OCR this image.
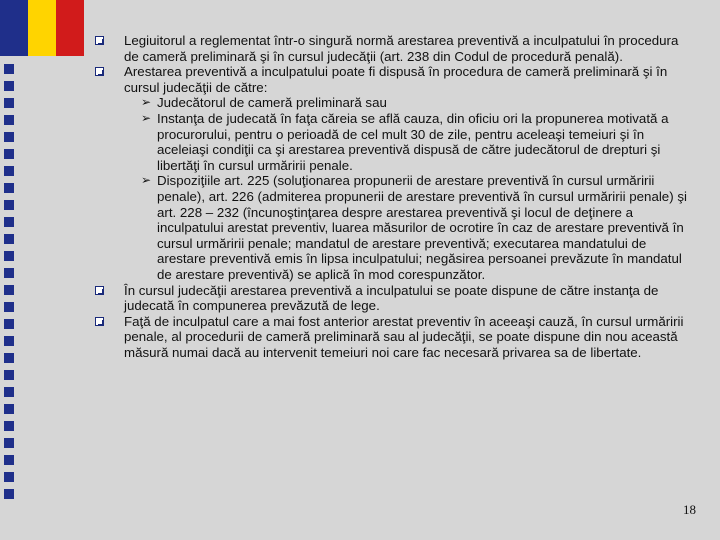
Legiuitorul a reglementat într-o singură normă arestarea preventivă a inculpatului în procedura de cameră preliminară şi în cursul judecăţii (art. 238 din Codul de procedură penală).
Arestarea preventivă a inculpatului poate fi dispusă în procedura de cameră preliminară şi în cursul judecăţii de către:
➢ Judecătorul de cameră preliminară sau
➢ Instanţa de judecată în faţa căreia se află cauza, din oficiu ori la propunerea motivată a procurorului, pentru o perioadă de cel mult 30 de zile, pentru aceleaşi temeiuri şi în aceleiaşi condiţii ca şi arestarea preventivă dispusă de către judecătorul de drepturi şi libertăţi în cursul urmăririi penale.
➢ Dispoziţiile art. 225 (soluţionarea propunerii de arestare preventivă în cursul urmăririi penale), art. 226 (admiterea propunerii de arestare preventivă în cursul urmăririi penale) şi art. 228 – 232 (încunoştinţarea despre arestarea preventivă şi locul de deţinere a inculpatului arestat preventiv, luarea măsurilor de ocrotire în caz de arestare preventivă în cursul urmăririi penale; mandatul de arestare preventivă; executarea mandatului de arestare preventivă emis în lipsa inculpatului; negăsirea persoanei prevăzute în mandatul de arestare preventivă) se aplică în mod corespunzător.
În cursul judecăţii arestarea preventivă a inculpatului se poate dispune de către instanţa de judecată în compunerea prevăzută de lege.
Faţă de inculpatul care a mai fost anterior arestat preventiv în aceeaşi cauză, în cursul urmăririi penale, al procedurii de cameră preliminară sau al judecăţii, se poate dispune din nou această măsură numai dacă au intervenit temeiuri noi care fac necesară privarea sa de libertate.
18
